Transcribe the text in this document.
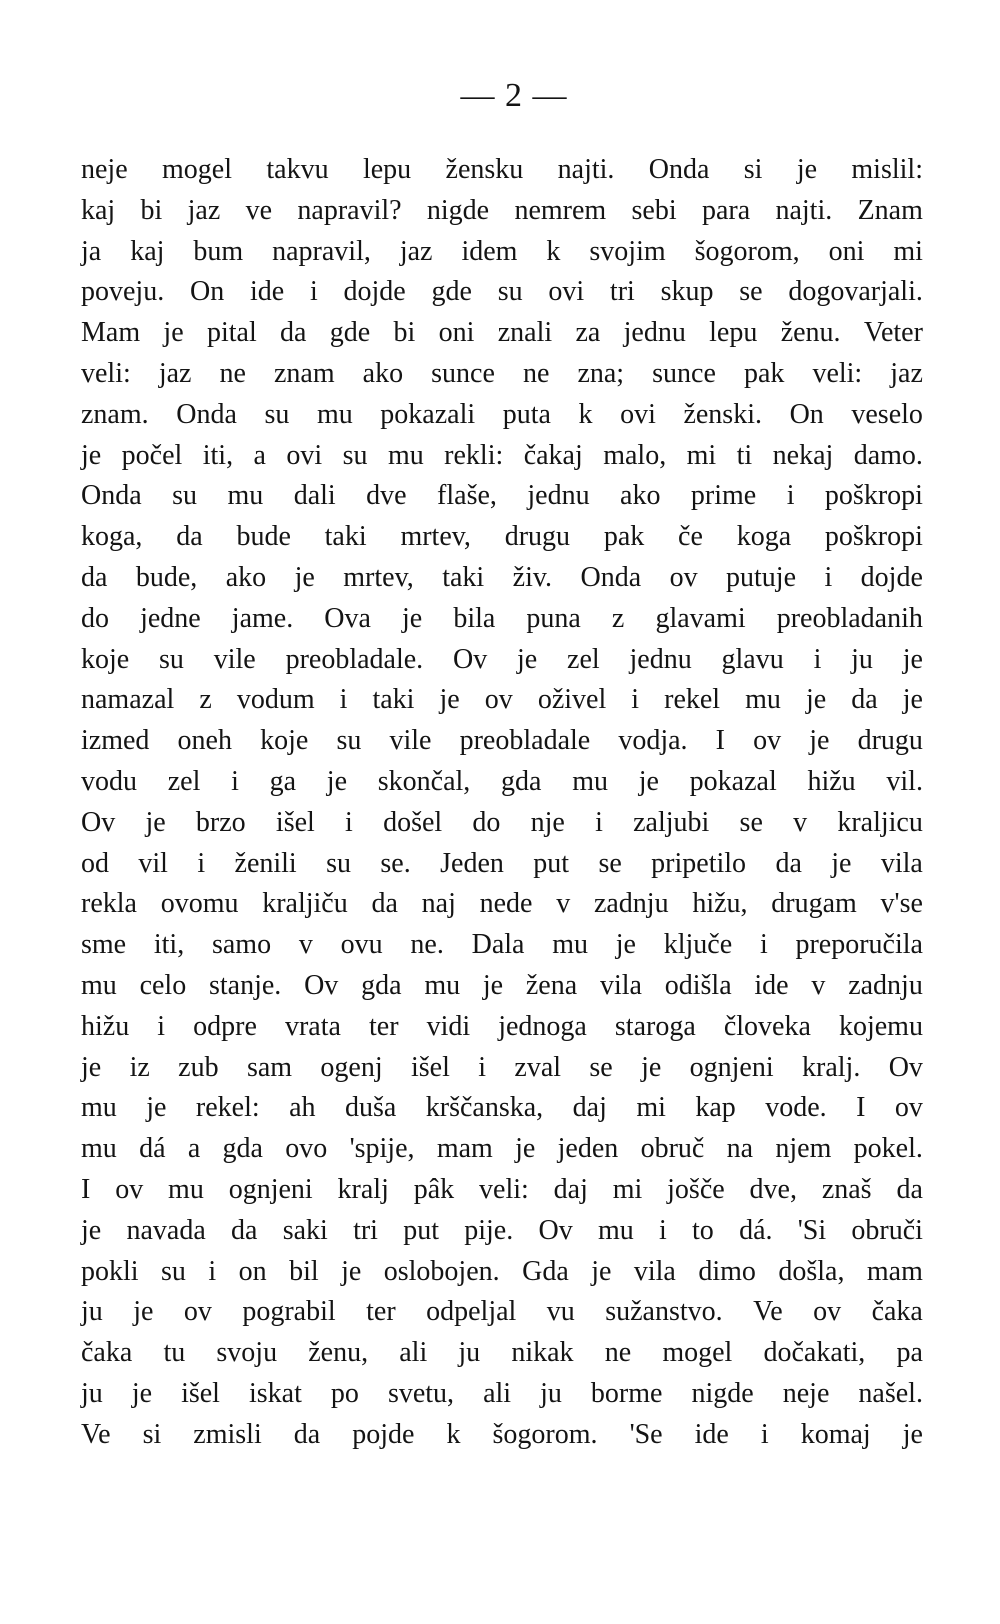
— 2 —
neje mogel takvu lepu žensku najti. Onda si je mislil:
kaj bi jaz ve napravil? nigde nemrem sebi para najti. Znam
ja kaj bum napravil, jaz idem k svojim šogorom, oni mi
poveju. On ide i dojde gde su ovi tri skup se dogovarjali.
Mam je pital da gde bi oni znali za jednu lepu ženu. Veter
veli: jaz ne znam ako sunce ne zna; sunce pak veli: jaz
znam. Onda su mu pokazali puta k ovi ženski. On veselo
je počel iti, a ovi su mu rekli: čakaj malo, mi ti nekaj damo.
Onda su mu dali dve flaše, jednu ako prime i poškropi
koga, da bude taki mrtev, drugu pak če koga poškropi
da bude, ako je mrtev, taki živ. Onda ov putuje i dojde
do jedne jame. Ova je bila puna z glavami preobladanih
koje su vile preobladale. Ov je zel jednu glavu i ju je
namazal z vodum i taki je ov oživel i rekel mu je da je
izmed oneh koje su vile preobladale vodja. I ov je drugu
vodu zel i ga je skončal, gda mu je pokazal hižu vil.
Ov je brzo išel i došel do nje i zaljubi se v kraljicu
od vil i ženili su se. Jeden put se pripetilo da je vila
rekla ovomu kraljiču da naj nede v zadnju hižu, drugam v'se
sme iti, samo v ovu ne. Dala mu je ključe i preporučila
mu celo stanje. Ov gda mu je žena vila odišla ide v zadnju
hižu i odpre vrata ter vidi jednoga staroga človeka kojemu
je iz zub sam ogenj išel i zval se je ognjeni kralj. Ov
mu je rekel: ah duša krščanska, daj mi kap vode. I ov
mu dá a gda ovo 'spije, mam je jeden obruč na njem pokel.
I ov mu ognjeni kralj pâk veli: daj mi jošče dve, znaš da
je navada da saki tri put pije. Ov mu i to dá. 'Si obruči
pokli su i on bil je oslobojen. Gda je vila dimo došla, mam
ju je ov pograbil ter odpeljal vu sužanstvo. Ve ov čaka
čaka tu svoju ženu, ali ju nikak ne mogel dočakati, pa
ju je išel iskat po svetu, ali ju borme nigde neje našel.
Ve si zmisli da pojde k šogorom. 'Se ide i komaj je
